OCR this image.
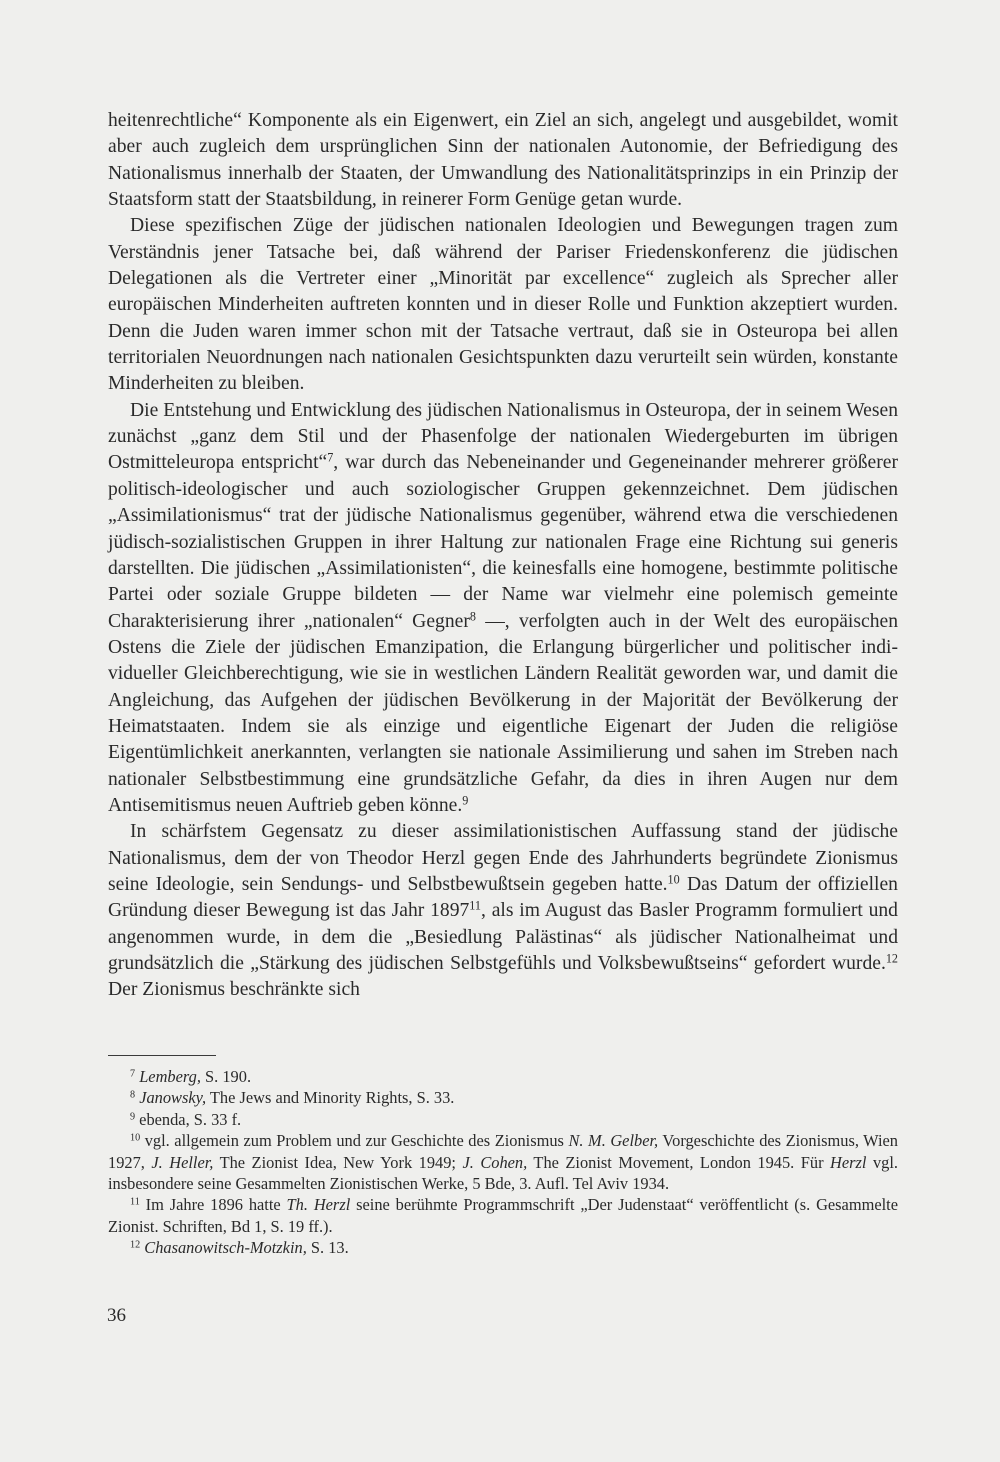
heitenrechtliche“ Komponente als ein Eigenwert, ein Ziel an sich, angelegt und ausgebildet, womit aber auch zugleich dem ursprünglichen Sinn der nationalen Autonomie, der Befriedigung des Nationalismus innerhalb der Staaten, der Umwandlung des Nationalitätsprinzips in ein Prinzip der Staatsform statt der Staatsbildung, in reinerer Form Genüge getan wurde.

Diese spezifischen Züge der jüdischen nationalen Ideologien und Bewegungen tragen zum Verständnis jener Tatsache bei, daß während der Pariser Friedenskonferenz die jüdischen Delegationen als die Vertreter einer „Minorität par excellence“ zugleich als Sprecher aller europäischen Minderheiten auftreten konnten und in dieser Rolle und Funktion akzeptiert wurden. Denn die Juden waren immer schon mit der Tatsache vertraut, daß sie in Osteuropa bei allen territorialen Neuordnungen nach nationalen Gesichtspunkten dazu verurteilt sein würden, konstante Minderheiten zu bleiben.

Die Entstehung und Entwicklung des jüdischen Nationalismus in Osteuropa, der in seinem Wesen zunächst „ganz dem Stil und der Phasenfolge der nationalen Wiedergeburten im übrigen Ostmitteleuropa entspricht“$^7$, war durch das Nebeneinander und Gegeneinander mehrerer größerer politisch-ideologischer und auch soziologischer Gruppen gekennzeichnet. Dem jüdischen „Assimilationismus“ trat der jüdische Nationalismus gegenüber, während etwa die verschiedenen jüdisch-sozialistischen Gruppen in ihrer Haltung zur nationalen Frage eine Richtung sui generis darstellten. Die jüdischen „Assimilationisten“, die keinesfalls eine homogene, bestimmte politische Partei oder soziale Gruppe bildeten — der Name war vielmehr eine polemisch gemeinte Charakterisierung ihrer „nationalen“ Gegner$^8$ —, verfolgten auch in der Welt des europäischen Ostens die Ziele der jüdischen Emanzipation, die Erlangung bürgerlicher und politischer individueller Gleichberechtigung, wie sie in westlichen Ländern Realität geworden war, und damit die Angleichung, das Aufgehen der jüdischen Bevölkerung in der Majorität der Bevölkerung der Heimatstaaten. Indem sie als einzige und eigentliche Eigenart der Juden die religiöse Eigentümlichkeit anerkannten, verlangten sie nationale Assimilierung und sahen im Streben nach nationaler Selbstbestimmung eine grundsätzliche Gefahr, da dies in ihren Augen nur dem Antisemitismus neuen Auftrieb geben könne.$^9$

In schärfstem Gegensatz zu dieser assimilationistischen Auffassung stand der jüdische Nationalismus, dem der von Theodor Herzl gegen Ende des Jahrhunderts begründete Zionismus seine Ideologie, sein Sendungs- und Selbstbewußtsein gegeben hatte.$^{10}$ Das Datum der offiziellen Gründung dieser Bewegung ist das Jahr 1897$^{11}$, als im August das Basler Programm formuliert und angenommen wurde, in dem die „Besiedlung Palästinas“ als jüdischer Nationalheimat und grundsätzlich die „Stärkung des jüdischen Selbstgefühls und Volksbewußtseins“ gefordert wurde.$^{12}$ Der Zionismus beschränkte sich

$^7$ Lemberg, S. 190.

$^8$ Janowsky, The Jews and Minority Rights, S. 33.

$^9$ ebenda, S. 33 f.

$^{10}$ vgl. allgemein zum Problem und zur Geschichte des Zionismus N. M. Gelber, Vorgeschichte des Zionismus, Wien 1927, J. Heller, The Zionist Idea, New York 1949; J. Cohen, The Zionist Movement, London 1945. Für Herzl vgl. insbesondere seine Gesammelten Zionistischen Werke, 5 Bde, 3. Aufl. Tel Aviv 1934.

$^{11}$ Im Jahre 1896 hatte Th. Herzl seine berühmte Programmschrift „Der Judenstaat“ veröffentlicht (s. Gesammelte Zionist. Schriften, Bd 1, S. 19 ff.).

$^{12}$ Chasanowitsch-Motzkin, S. 13.

36
